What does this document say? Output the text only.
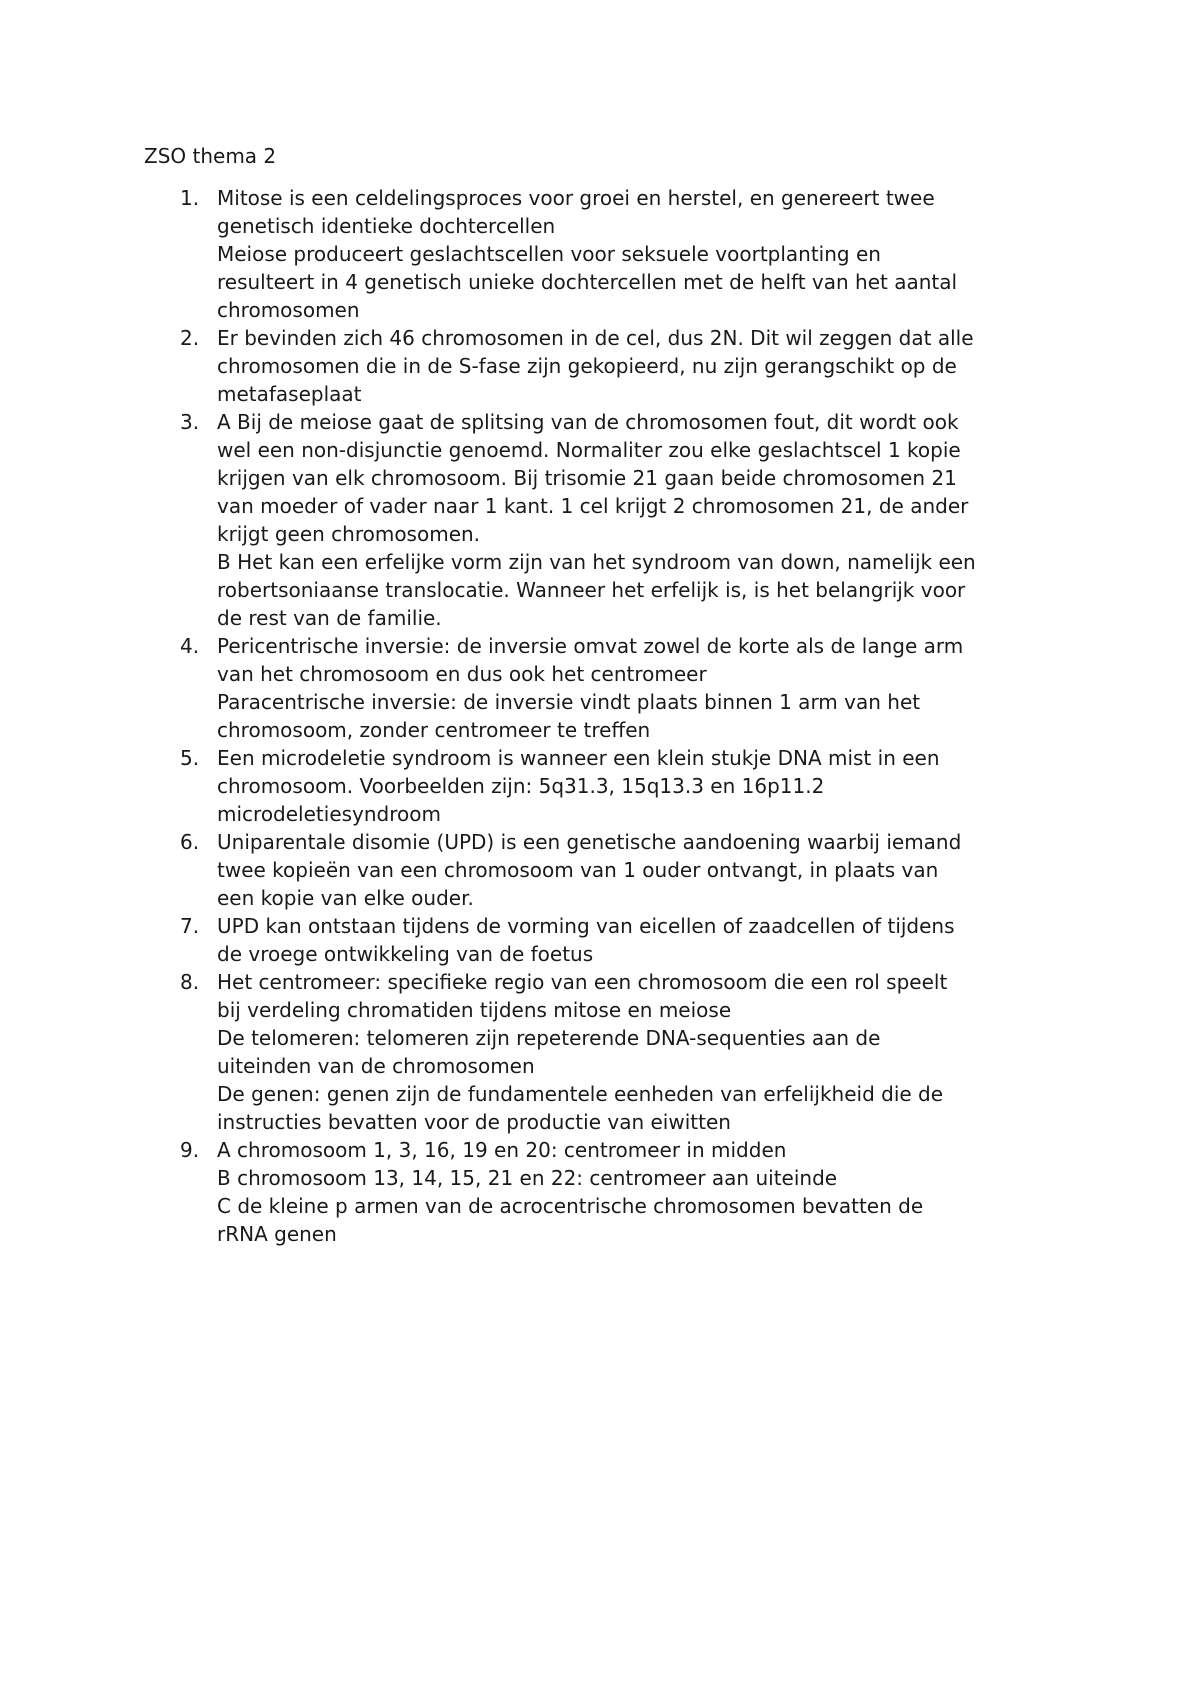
ZSO thema 2
1. Mitose is een celdelingsproces voor groei en herstel, en genereert twee
genetisch identieke dochtercellen
Meiose produceert geslachtscellen voor seksuele voortplanting en
resulteert in 4 genetisch unieke dochtercellen met de helft van het aantal
chromosomen
2. Er bevinden zich 46 chromosomen in de cel, dus 2N. Dit wil zeggen dat alle
chromosomen die in de S-fase zijn gekopieerd, nu zijn gerangschikt op de
metafaseplaat
3. A Bij de meiose gaat de splitsing van de chromosomen fout, dit wordt ook
wel een non-disjunctie genoemd. Normaliter zou elke geslachtscel 1 kopie
krijgen van elk chromosoom. Bij trisomie 21 gaan beide chromosomen 21
van moeder of vader naar 1 kant. 1 cel krijgt 2 chromosomen 21, de ander
krijgt geen chromosomen.
B Het kan een erfelijke vorm zijn van het syndroom van down, namelijk een
robertsoniaanse translocatie. Wanneer het erfelijk is, is het belangrijk voor
de rest van de familie.
4. Pericentrische inversie: de inversie omvat zowel de korte als de lange arm
van het chromosoom en dus ook het centromeer
Paracentrische inversie: de inversie vindt plaats binnen 1 arm van het
chromosoom, zonder centromeer te treffen
5. Een microdeletie syndroom is wanneer een klein stukje DNA mist in een
chromosoom. Voorbeelden zijn: 5q31.3, 15q13.3 en 16p11.2
microdeletiesyndroom
6. Uniparentale disomie (UPD) is een genetische aandoening waarbij iemand
twee kopieën van een chromosoom van 1 ouder ontvangt, in plaats van
een kopie van elke ouder.
7. UPD kan ontstaan tijdens de vorming van eicellen of zaadcellen of tijdens
de vroege ontwikkeling van de foetus
8. Het centromeer: specifieke regio van een chromosoom die een rol speelt
bij verdeling chromatiden tijdens mitose en meiose
De telomeren: telomeren zijn repeterende DNA-sequenties aan de
uiteinden van de chromosomen
De genen: genen zijn de fundamentele eenheden van erfelijkheid die de
instructies bevatten voor de productie van eiwitten
9. A chromosoom 1, 3, 16, 19 en 20: centromeer in midden
B chromosoom 13, 14, 15, 21 en 22: centromeer aan uiteinde
C de kleine p armen van de acrocentrische chromosomen bevatten de
rRNA genen
